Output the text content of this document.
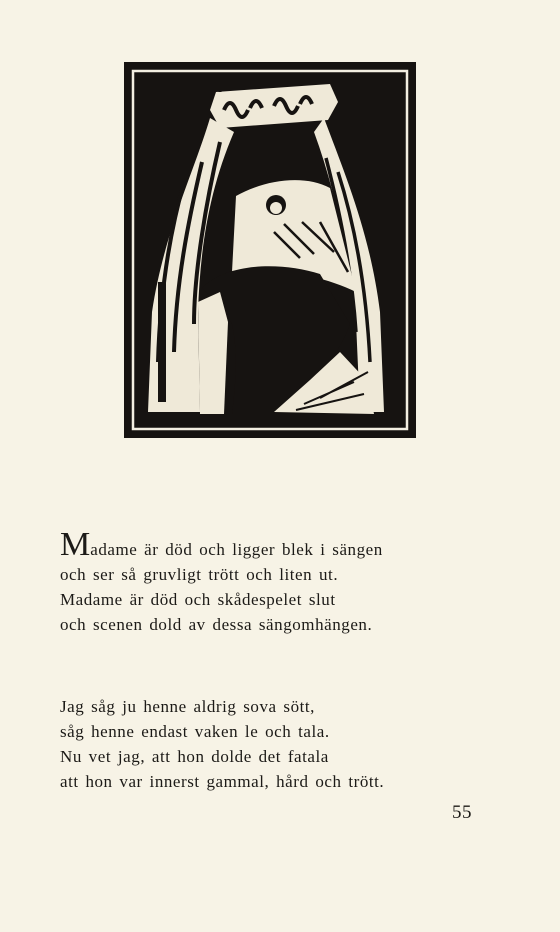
M adame är död och ligger blek i sängen
och ser så gruvligt trött och liten ut.
Madame är död och skådespelet slut
och scenen dold av dessa sängomhängen.
Jag såg ju henne aldrig sova sött,
såg henne endast vaken le och tala.
Nu vet jag, att hon dolde det fatala
att hon var innerst gammal, hård och trött.
55
